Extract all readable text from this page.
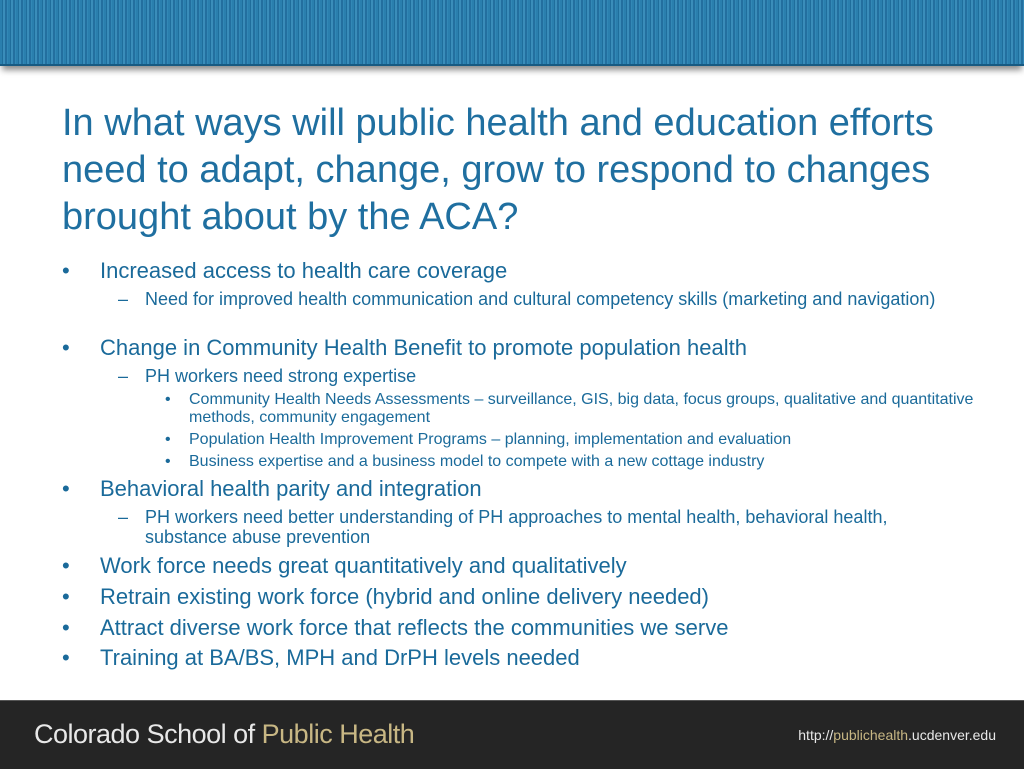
In what ways will public health and education efforts need to adapt, change, grow to respond to changes brought about by the ACA?
• Increased access to health care coverage
– Need for improved health communication and cultural competency skills (marketing and navigation)
• Change in Community Health Benefit to promote population health
– PH workers need strong expertise
• Community Health Needs Assessments – surveillance, GIS, big data, focus groups, qualitative and quantitative methods, community engagement
• Population Health Improvement Programs – planning, implementation and evaluation
• Business expertise and a business model to compete with a new cottage industry
• Behavioral health parity and integration
– PH workers need better understanding of PH approaches to mental health, behavioral health, substance abuse prevention
• Work force needs great quantitatively and qualitatively
• Retrain existing work force (hybrid and online delivery needed)
• Attract diverse work force that reflects the communities we serve
• Training at BA/BS, MPH and DrPH levels needed
Colorado School of Public Health	http://publichealth.ucdenver.edu
